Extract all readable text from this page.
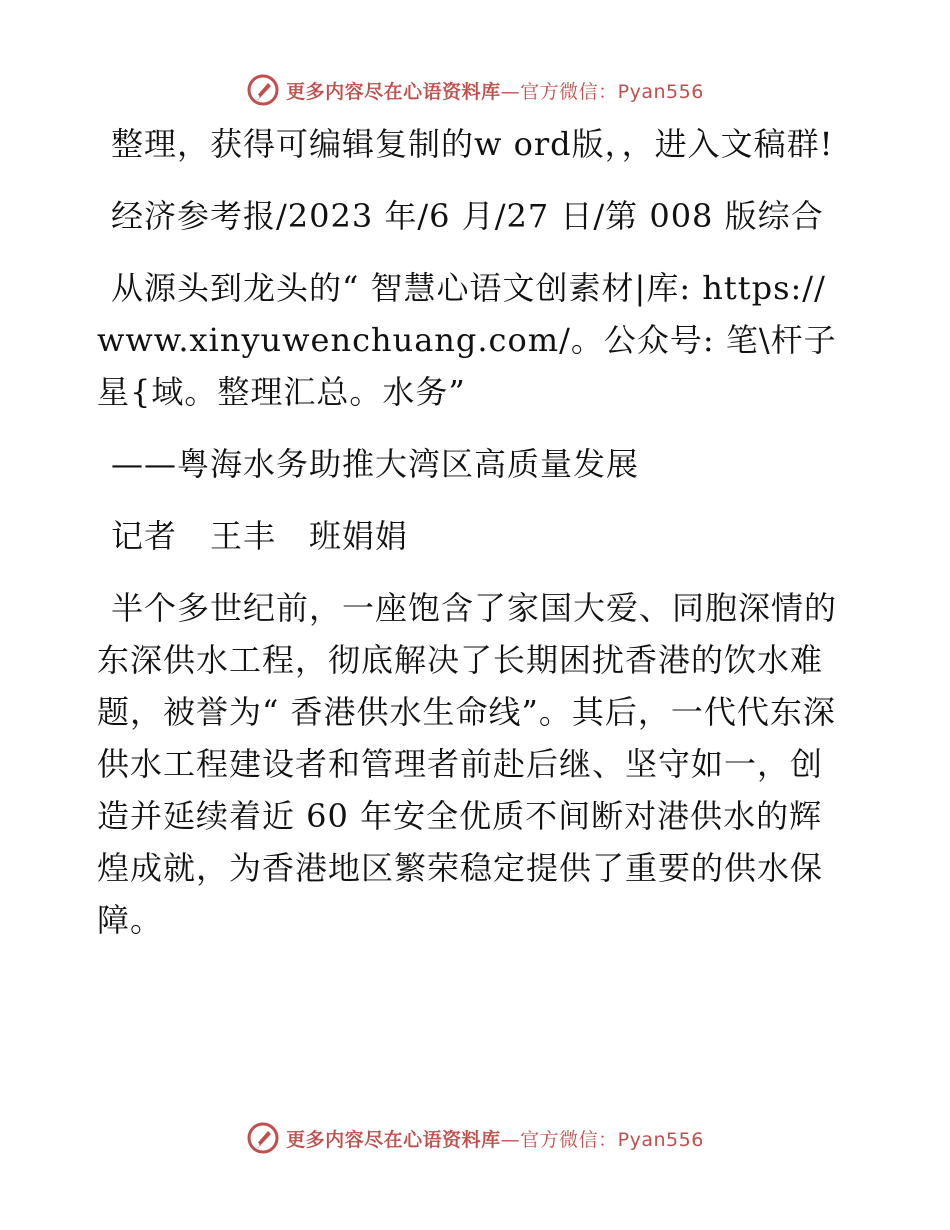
更多内容尽在心语资料库—官方微信：Pyan556

整理，获得可编辑复制的w ord版，，进入文稿群!

经济参考报/2023 年/6 月/27 日/第 008 版综合

从源头到龙头的“ 智慧心语文创素材|库: https://www.xinyuwenchuang.com/。公众号: 笔\杆子星{域。整理汇总。水务”

——粤海水务助推大湾区高质量发展

记者　王丰　班娟娟

半个多世纪前，一座饱含了家国大爱、同胞深情的东深供水工程，彻底解决了长期困扰香港的饮水难题，被誉为“ 香港供水生命线”。其后，一代代东深供水工程建设者和管理者前赴后继、坚守如一，创造并延续着近 60 年安全优质不间断对港供水的辉煌成就，为香港地区繁荣稳定提供了重要的供水保障。

更多内容尽在心语资料库—官方微信：Pyan556
